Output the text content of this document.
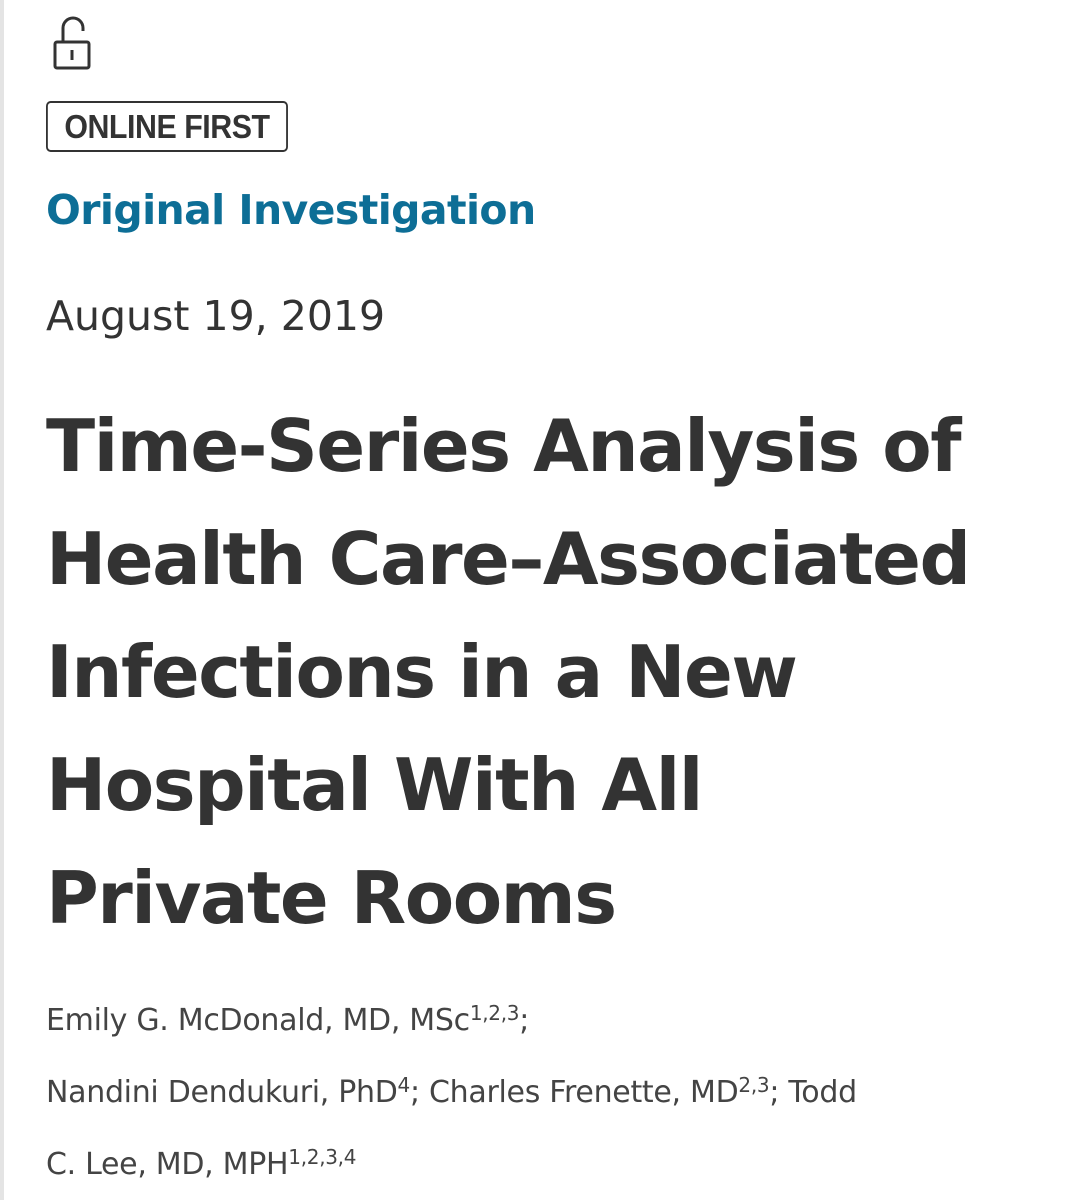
ONLINE FIRST
Original Investigation
August 19, 2019
Time-Series Analysis of
Health Care–Associated
Infections in a New
Hospital With All
Private Rooms
Emily G. McDonald, MD, MSc$^{1,2,3}$;
Nandini Dendukuri, PhD$^4$; Charles Frenette, MD$^{2,3}$; Todd
C. Lee, MD, MPH$^{1,2,3,4}$
